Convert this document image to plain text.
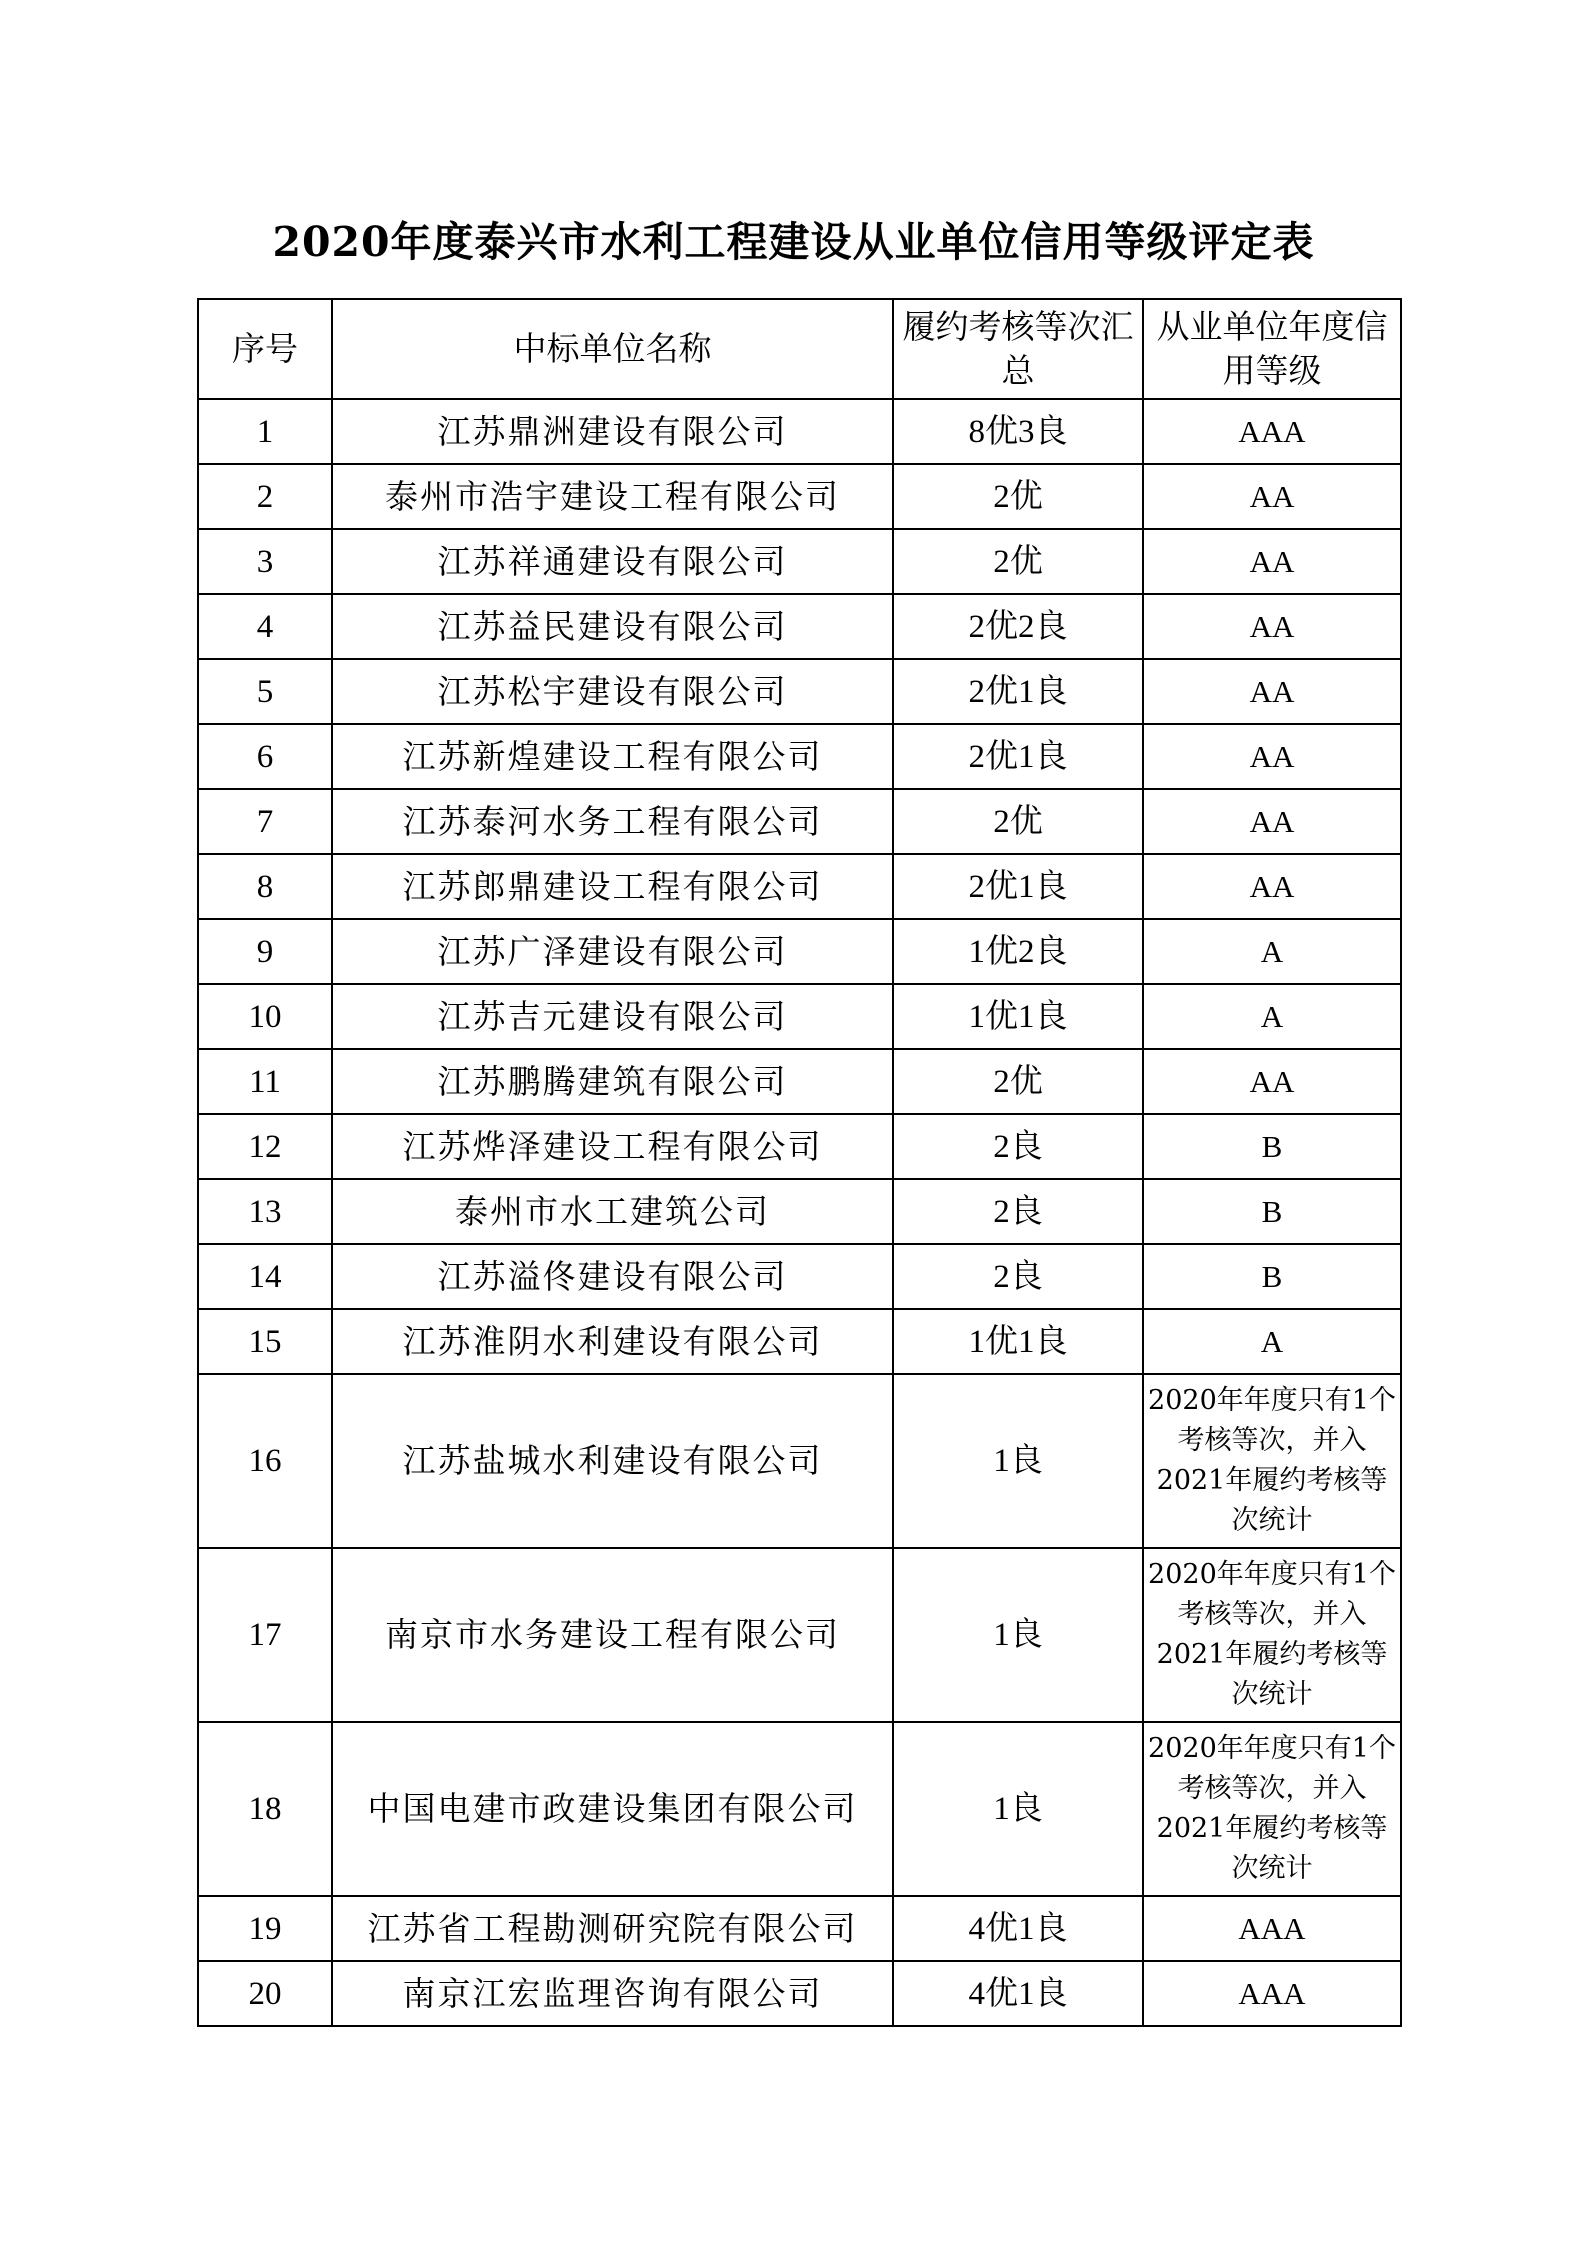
2020年度泰兴市水利工程建设从业单位信用等级评定表
序号	中标单位名称	履约考核等次汇总	从业单位年度信用等级
1	江苏鼎洲建设有限公司	8优3良	AAA
2	泰州市浩宇建设工程有限公司	2优	AA
3	江苏祥通建设有限公司	2优	AA
4	江苏益民建设有限公司	2优2良	AA
5	江苏松宇建设有限公司	2优1良	AA
6	江苏新煌建设工程有限公司	2优1良	AA
7	江苏泰河水务工程有限公司	2优	AA
8	江苏郎鼎建设工程有限公司	2优1良	AA
9	江苏广泽建设有限公司	1优2良	A
10	江苏吉元建设有限公司	1优1良	A
11	江苏鹏腾建筑有限公司	2优	AA
12	江苏烨泽建设工程有限公司	2良	B
13	泰州市水工建筑公司	2良	B
14	江苏溢佟建设有限公司	2良	B
15	江苏淮阴水利建设有限公司	1优1良	A
16	江苏盐城水利建设有限公司	1良	2020年年度只有1个考核等次，并入2021年履约考核等次统计
17	南京市水务建设工程有限公司	1良	2020年年度只有1个考核等次，并入2021年履约考核等次统计
18	中国电建市政建设集团有限公司	1良	2020年年度只有1个考核等次，并入2021年履约考核等次统计
19	江苏省工程勘测研究院有限公司	4优1良	AAA
20	南京江宏监理咨询有限公司	4优1良	AAA
